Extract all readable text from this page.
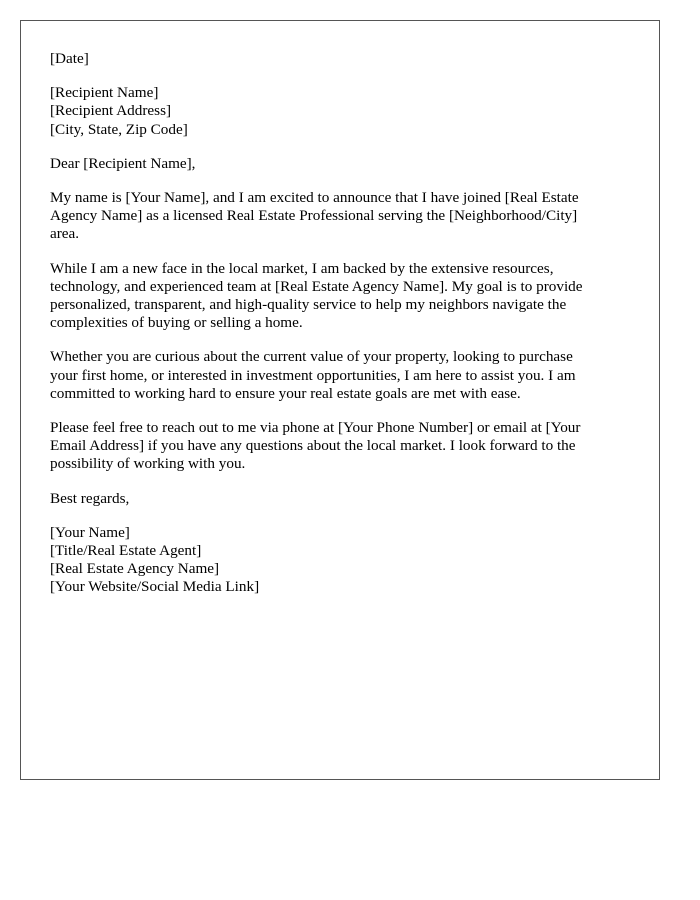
[Date]
[Recipient Name]
[Recipient Address]
[City, State, Zip Code]
Dear [Recipient Name],
My name is [Your Name], and I am excited to announce that I have joined [Real Estate
Agency Name] as a licensed Real Estate Professional serving the [Neighborhood/City]
area.
While I am a new face in the local market, I am backed by the extensive resources,
technology, and experienced team at [Real Estate Agency Name]. My goal is to provide
personalized, transparent, and high-quality service to help my neighbors navigate the
complexities of buying or selling a home.
Whether you are curious about the current value of your property, looking to purchase
your first home, or interested in investment opportunities, I am here to assist you. I am
committed to working hard to ensure your real estate goals are met with ease.
Please feel free to reach out to me via phone at [Your Phone Number] or email at [Your
Email Address] if you have any questions about the local market. I look forward to the
possibility of working with you.
Best regards,
[Your Name]
[Title/Real Estate Agent]
[Real Estate Agency Name]
[Your Website/Social Media Link]
